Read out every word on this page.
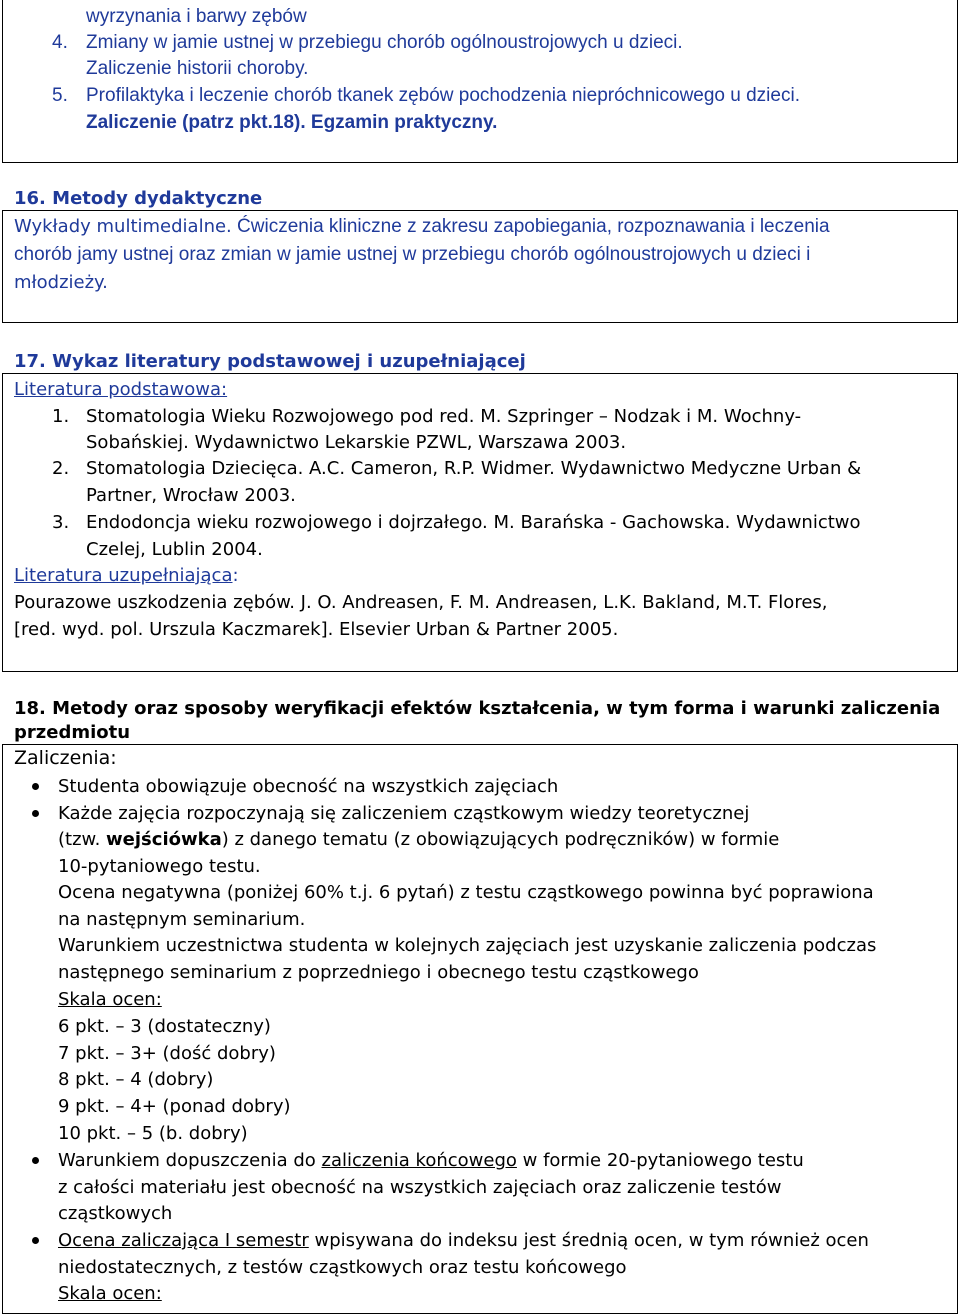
wyrzynania i barwy zębów
4. Zmiany w jamie ustnej w przebiegu chorób ogólnoustrojowych u dzieci.
Zaliczenie historii choroby.
5. Profilaktyka i leczenie chorób tkanek zębów pochodzenia niepróchnicowego u dzieci.
Zaliczenie (patrz pkt.18). Egzamin praktyczny.
16. Metody dydaktyczne
Wykłady multimedialne. Ćwiczenia kliniczne z zakresu zapobiegania, rozpoznawania i leczenia
chorób jamy ustnej oraz zmian w jamie ustnej w przebiegu chorób ogólnoustrojowych u dzieci i
młodzieży.
17. Wykaz literatury podstawowej i uzupełniającej
Literatura podstawowa:
1. Stomatologia Wieku Rozwojowego pod red. M. Szpringer – Nodzak i M. Wochny-
Sobańskiej. Wydawnictwo Lekarskie PZWL, Warszawa 2003.
2. Stomatologia Dziecięca. A.C. Cameron, R.P. Widmer. Wydawnictwo Medyczne Urban &
Partner, Wrocław 2003.
3. Endodoncja wieku rozwojowego i dojrzałego. M. Barańska - Gachowska. Wydawnictwo
Czelej, Lublin 2004.
Literatura uzupełniająca:
Pourazowe uszkodzenia zębów. J. O. Andreasen, F. M. Andreasen, L.K. Bakland, M.T. Flores,
[red. wyd. pol. Urszula Kaczmarek]. Elsevier Urban & Partner 2005.
18. Metody oraz sposoby weryfikacji efektów kształcenia, w tym forma i warunki zaliczenia
przedmiotu
Zaliczenia:
Studenta obowiązuje obecność na wszystkich zajęciach
Każde zajęcia rozpoczynają się zaliczeniem cząstkowym wiedzy teoretycznej
(tzw. wejściówka) z danego tematu (z obowiązujących podręczników) w formie
10-pytaniowego testu.
Ocena negatywna (poniżej 60% t.j. 6 pytań) z testu cząstkowego powinna być poprawiona
na następnym seminarium.
Warunkiem uczestnictwa studenta w kolejnych zajęciach jest uzyskanie zaliczenia podczas
następnego seminarium z poprzedniego i obecnego testu cząstkowego
Skala ocen:
6 pkt. – 3 (dostateczny)
7 pkt. – 3+ (dość dobry)
8 pkt. – 4 (dobry)
9 pkt. – 4+ (ponad dobry)
10 pkt. – 5 (b. dobry)
Warunkiem dopuszczenia do zaliczenia końcowego w formie 20-pytaniowego testu
z całości materiału jest obecność na wszystkich zajęciach oraz zaliczenie testów
cząstkowych
Ocena zaliczająca I semestr wpisywana do indeksu jest średnią ocen, w tym również ocen
niedostatecznych, z testów cząstkowych oraz testu końcowego
Skala ocen:
